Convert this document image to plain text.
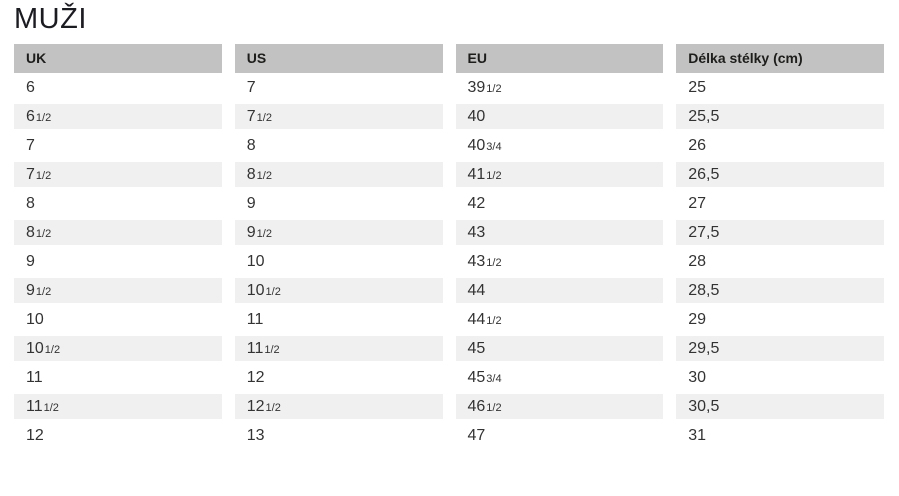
MUŽI
UK	US	EU	Délka stélky (cm)
6	7	391/2	25
61/2	71/2	40	25,5
7	8	403/4	26
71/2	81/2	411/2	26,5
8	9	42	27
81/2	91/2	43	27,5
9	10	431/2	28
91/2	101/2	44	28,5
10	11	441/2	29
101/2	111/2	45	29,5
11	12	453/4	30
111/2	121/2	461/2	30,5
12	13	47	31
